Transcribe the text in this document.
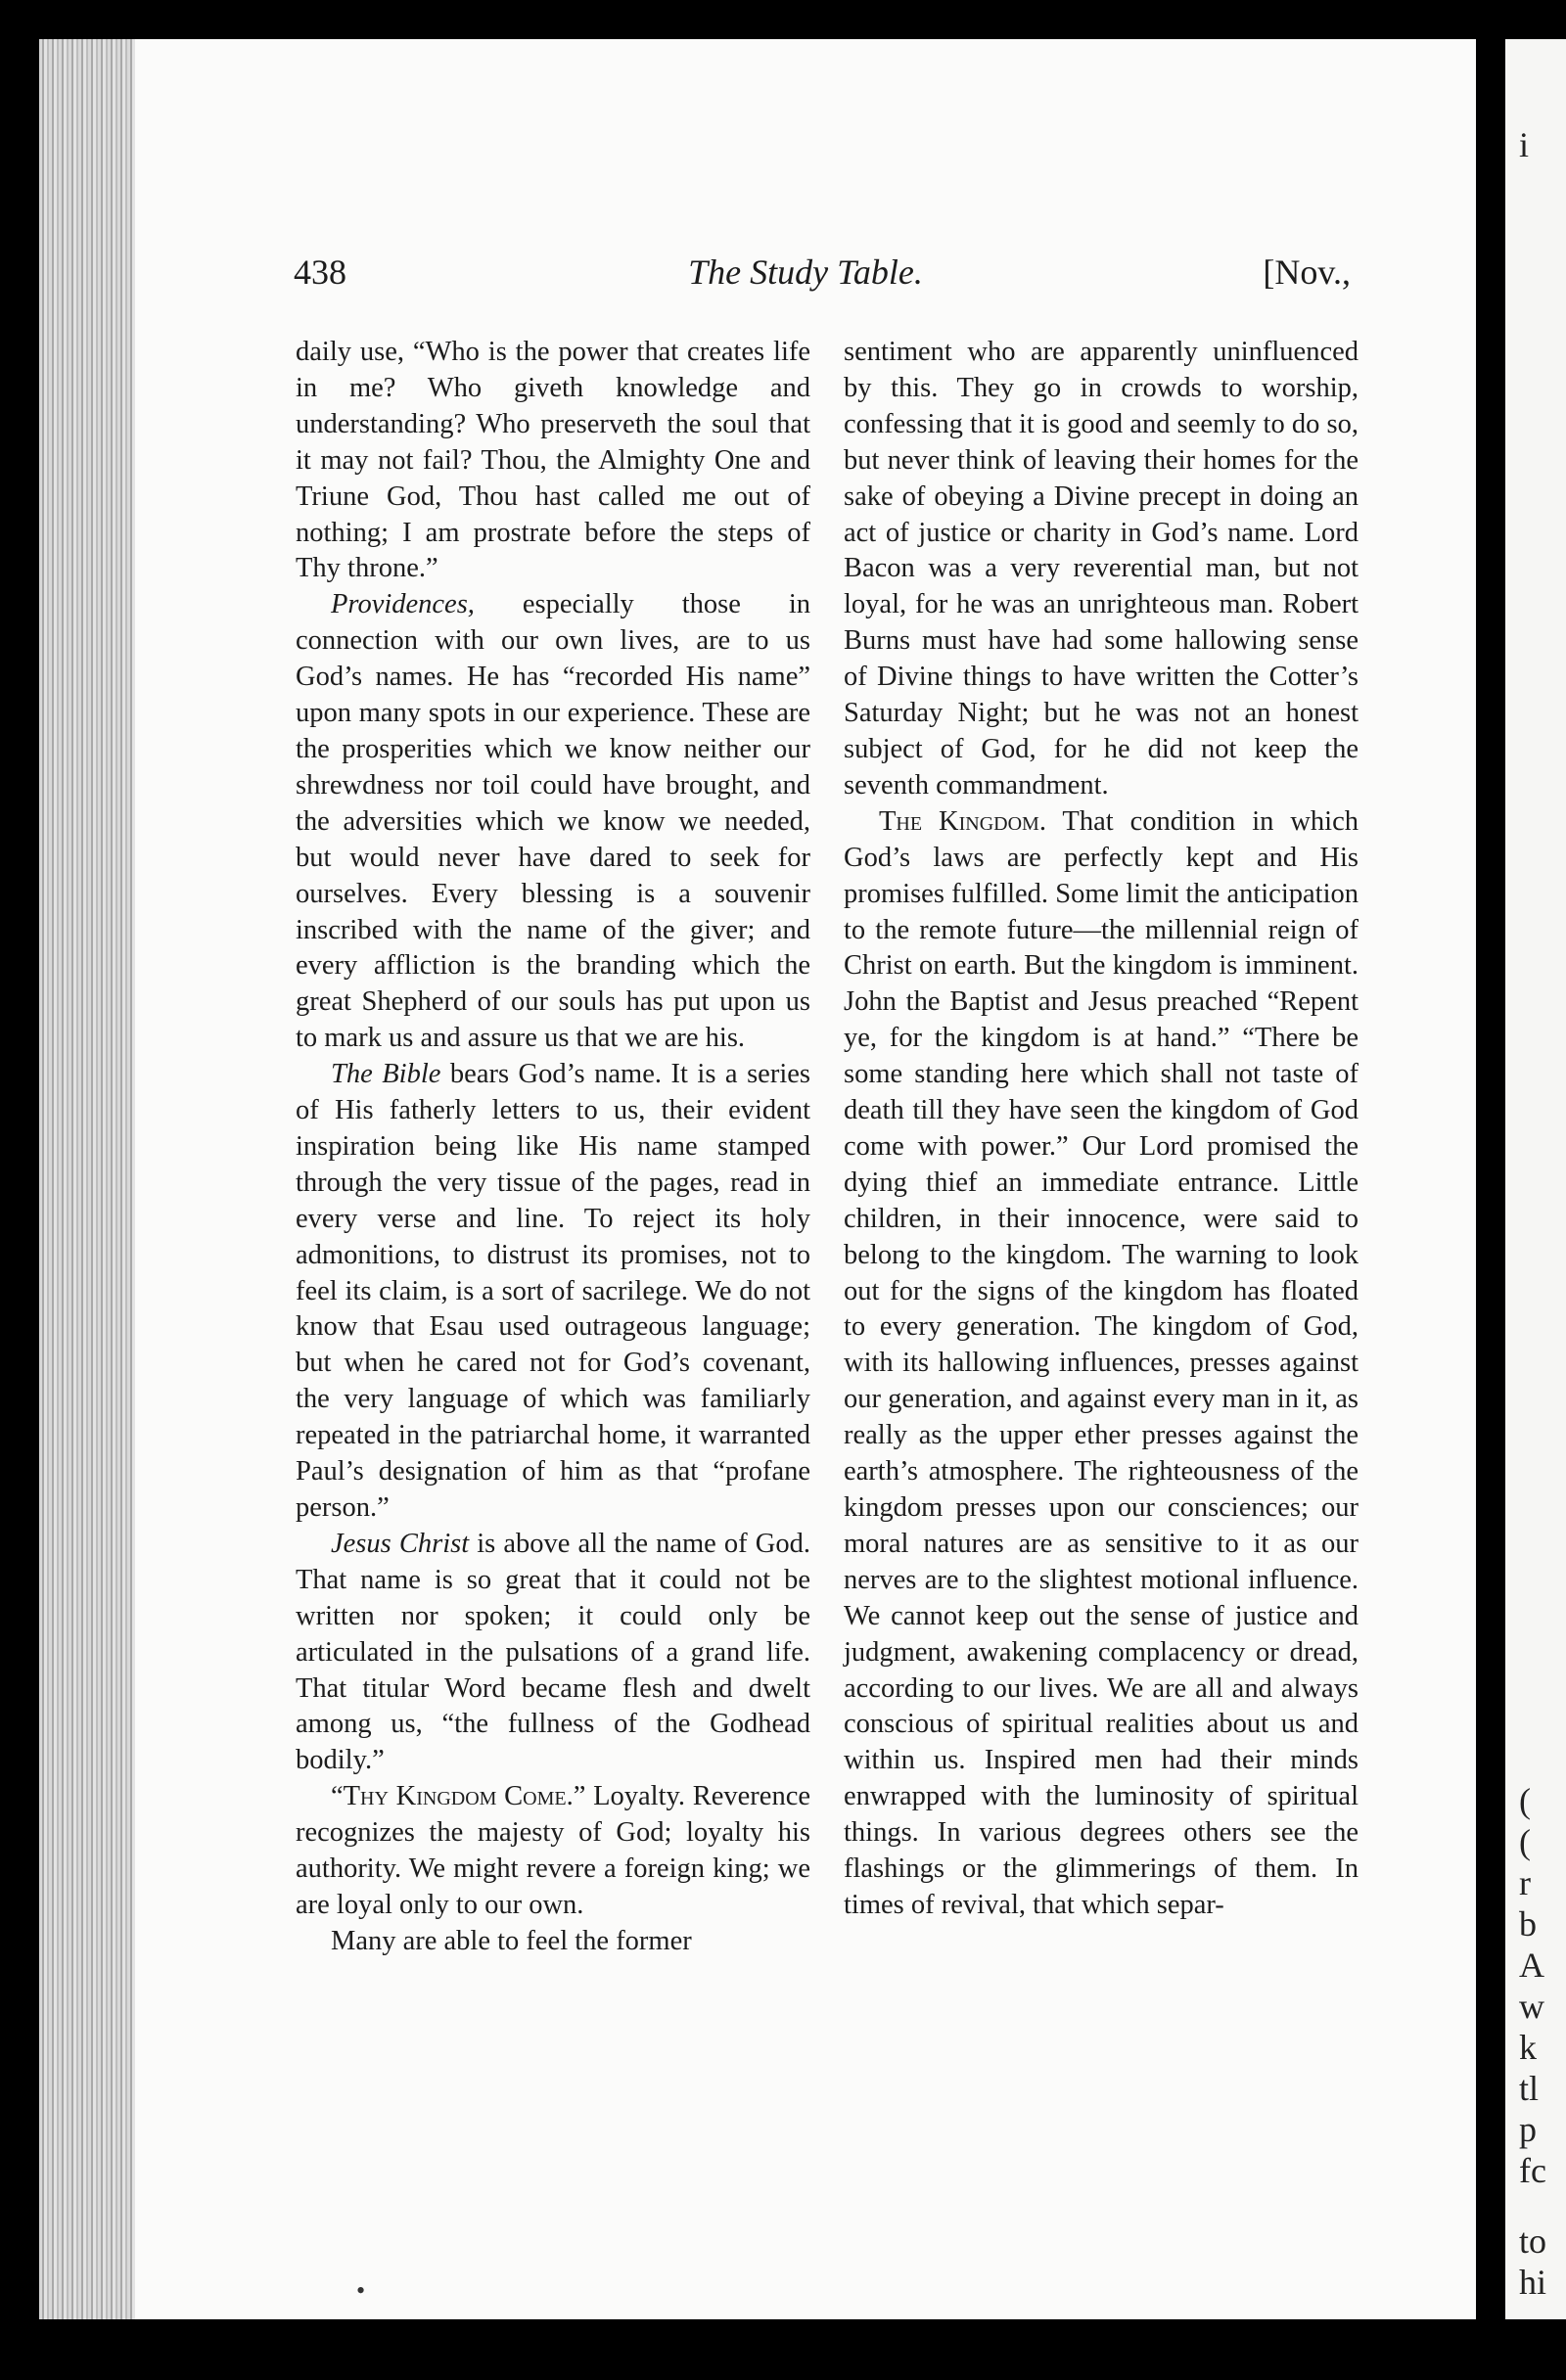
438	The Study Table.	[Nov.,

daily use, “Who is the power that creates life in me? Who giveth knowledge and understanding? Who preserveth the soul that it may not fail? Thou, the Almighty One and Triune God, Thou hast called me out of nothing; I am prostrate before the steps of Thy throne.”

Providences, especially those in connection with our own lives, are to us God’s names. He has “recorded His name” upon many spots in our experience. These are the prosperities which we know neither our shrewdness nor toil could have brought, and the adversities which we know we needed, but would never have dared to seek for ourselves. Every blessing is a souvenir inscribed with the name of the giver; and every affliction is the branding which the great Shepherd of our souls has put upon us to mark us and assure us that we are his.

The Bible bears God’s name. It is a series of His fatherly letters to us, their evident inspiration being like His name stamped through the very tissue of the pages, read in every verse and line. To reject its holy admonitions, to distrust its promises, not to feel its claim, is a sort of sacrilege. We do not know that Esau used outrageous language; but when he cared not for God’s covenant, the very language of which was familiarly repeated in the patriarchal home, it warranted Paul’s designation of him as that “profane person.”

Jesus Christ is above all the name of God. That name is so great that it could not be written nor spoken; it could only be articulated in the pulsations of a grand life. That titular Word became flesh and dwelt among us, “the fullness of the Godhead bodily.”

“Thy Kingdom Come.” Loyalty. Reverence recognizes the majesty of God; loyalty his authority. We might revere a foreign king; we are loyal only to our own.

Many are able to feel the former

sentiment who are apparently uninfluenced by this. They go in crowds to worship, confessing that it is good and seemly to do so, but never think of leaving their homes for the sake of obeying a Divine precept in doing an act of justice or charity in God’s name. Lord Bacon was a very reverential man, but not loyal, for he was an unrighteous man. Robert Burns must have had some hallowing sense of Divine things to have written the Cotter’s Saturday Night; but he was not an honest subject of God, for he did not keep the seventh commandment.

The Kingdom. That condition in which God’s laws are perfectly kept and His promises fulfilled. Some limit the anticipation to the remote future—the millennial reign of Christ on earth. But the kingdom is imminent. John the Baptist and Jesus preached “Repent ye, for the kingdom is at hand.” “There be some standing here which shall not taste of death till they have seen the kingdom of God come with power.” Our Lord promised the dying thief an immediate entrance. Little children, in their innocence, were said to belong to the kingdom. The warning to look out for the signs of the kingdom has floated to every generation. The kingdom of God, with its hallowing influences, presses against our generation, and against every man in it, as really as the upper ether presses against the earth’s atmosphere. The righteousness of the kingdom presses upon our consciences; our moral natures are as sensitive to it as our nerves are to the slightest motional influence. We cannot keep out the sense of justice and judgment, awakening complacency or dread, according to our lives. We are all and always conscious of spiritual realities about us and within us. Inspired men had their minds enwrapped with the luminosity of spiritual things. In various degrees others see the flashings or the glimmerings of them. In times of revival, that which separ-

•
i
(
(
r
b
A
w
k
tl
p
fc
to
hi
